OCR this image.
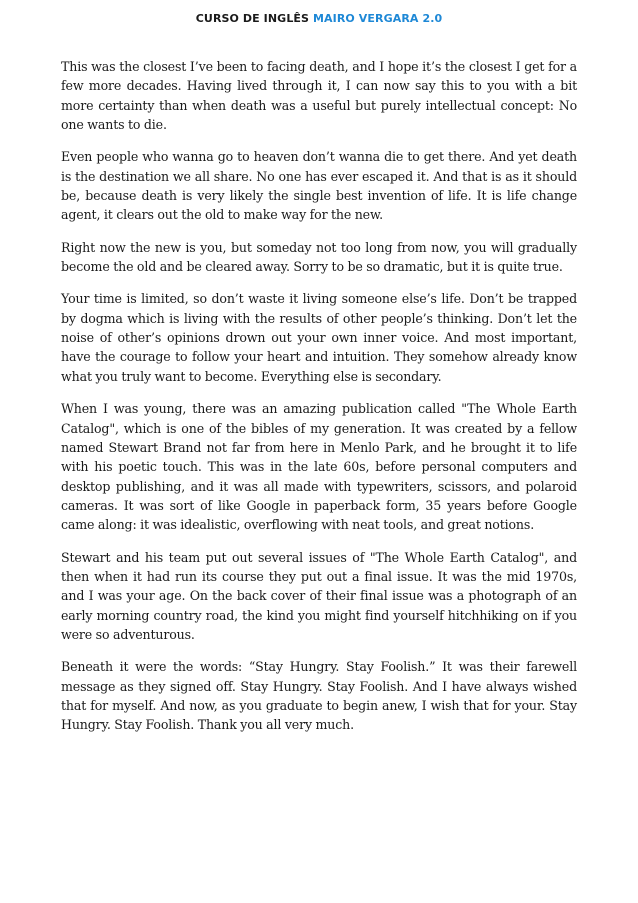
CURSO DE INGLÊS MAIRO VERGARA 2.0

This was the closest I’ve been to facing death, and I hope it’s the closest I get for a few more decades. Having lived through it, I can now say this to you with a bit more certainty than when death was a useful but purely intellectual concept: No one wants to die.

Even people who wanna go to heaven don’t wanna die to get there. And yet death is the destination we all share. No one has ever escaped it. And that is as it should be, because death is very likely the single best invention of life. It is life change agent, it clears out the old to make way for the new.

Right now the new is you, but someday not too long from now, you will gradually become the old and be cleared away. Sorry to be so dramatic, but it is quite true.

Your time is limited, so don’t waste it living someone else’s life. Don’t be trapped by dogma which is living with the results of other people’s thinking. Don’t let the noise of other’s opinions drown out your own inner voice. And most important, have the courage to follow your heart and intuition. They somehow already know what you truly want to become. Everything else is secondary.

When I was young, there was an amazing publication called "The Whole Earth Catalog", which is one of the bibles of my generation. It was created by a fellow named Stewart Brand not far from here in Menlo Park, and he brought it to life with his poetic touch. This was in the late 60s, before personal computers and desktop publishing, and it was all made with typewriters, scissors, and polaroid cameras. It was sort of like Google in paperback form, 35 years before Google came along: it was idealistic, overflowing with neat tools, and great notions.

Stewart and his team put out several issues of "The Whole Earth Catalog", and then when it had run its course they put out a final issue. It was the mid 1970s, and I was your age. On the back cover of their final issue was a photograph of an early morning country road, the kind you might find yourself hitchhiking on if you were so adventurous.

Beneath it were the words: “Stay Hungry. Stay Foolish.” It was their farewell message as they signed off. Stay Hungry. Stay Foolish. And I have always wished that for myself. And now, as you graduate to begin anew, I wish that for your. Stay Hungry. Stay Foolish. Thank you all very much.
